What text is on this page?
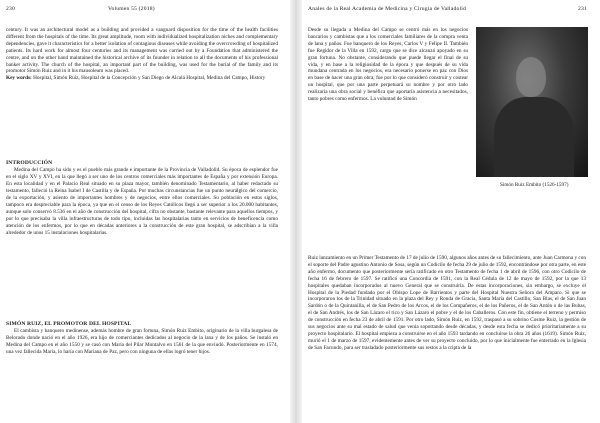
230	Volumen 55 (2018)

century. It was an architectural model as a building and provided a vanguard disposition for the time of the health facilities different from the hospitals of the time. Its great amplitude, room with individualized hospitalization niches and complementary dependencies, gave it characteristics for a better isolation of contagious diseases while avoiding the overcrowding of hospitalized patients. Its hard work for almost four centuries and its management was carried out by a Foundation that administered the centre, and on the other hand maintained the historical archive of its founder in relation to all the documents of his professional banker activity. The church of the hospital, an important part of the building, was used for the burial of the family and its promotor Simón Ruiz and in it his mausoleum was placed.

Key words: Hospital, Simón Ruiz, Hospital de la Concepción y San Diego de Alcalá Hospital, Medina del Campo, History

INTRODUCCIÓN

Medina del Campo ha sido y es el pueblo más grande e importante de la Provincia de Valladolid. Su época de esplendor fue en el siglo XV y XVI, en la que llegó a ser uno de los centros comerciales más importantes de España y por extensión Europa. En esta localidad y en el Palacio Real situado en su plaza mayor, también denominado Testamentario, al haber redactado su testamento, falleció la Reina Isabel I de Castilla y de España. Por muchas circunstancias fue un punto neurálgico del comercio, de la exportación, y asiento de importantes hombres y de negocios, entre ellos comerciales. Su población en estos siglos, tampoco era despreciable para la época, ya que en el censo de los Reyes Católicos llegó a ser superior a los 20.000 habitantes, aunque solo conservó 8.536 en el año de construcción del hospital, cifra no obstante, bastante relevante para aquellos tiempos, y por lo que precisaba la villa infraestructuras de todo tipo, incluidas las hospitalarias tanto en servicios de beneficencia como atención de los enfermos, por lo que en décadas anteriores a la construcción de este gran hospital, se adscribían a la villa alrededor de unos 15 instalaciones hospitalarias.

SIMÓN RUIZ, EL PROMOTOR DEL HOSPITAL

El cambista y banquero medinense, además hombre de gran fortuna, Simón Ruiz Embito, originario de la villa burgalesa de Belorado donde nació en el año 1926, era hijo de comerciantes dedicados al negocio de la lana y de los paños. Se instaló en Medina del Campo en el año 1550 y se casó con María del Pilar Montalvo en 1561 de la que enviudó. Posteriormente en 1574, una vez fallecida María, lo haría con Mariana de Paz, pero con ninguna de ellas logró tener hijos.

Anales de la Real Academia de Medicina y Cirugía de Valladolid	231

Desde su llegada a Medina del Campo se centró más en los negocios bancarios y cambistas que a los comerciales familiares de la compra venta de lana y paños. Fue banquero de los Reyes, Carlos V y Felipe II. También fue Regidor de la Villa en 1592, cargo que se dice alcanzó apoyado en su gran fortuna. No obstante, considerando que puede llegar el final de su vida, y en base a la religiosidad de la época y que después de su vida mundana centrada en los negocios, era necesario ponerse en paz con Dios en base de hacer una gran obra; fue por lo que consideró construir y costear un hospital, que por una parte perpetuará su nombre y por otro lado realizaría una obra social y benéfica que aportaría asistencia a necesitados, tanto pobres como enfermos. La voluntad de Simón

Simón Ruiz Embito (1526-1597)

Ruiz lanzamiento en un Primer Testamento de 17 de julio de 1590, algunos años antes de su fallecimiento, ante Juan Carmona y con el soporte del Padre agustino Antonio de Sosa, según un Codicilo de fecha 29 de julio de 1592, encontrándose por otra parte, en este año enfermo, documento que posteriormente sería ratificado en otro Testamento de fecha 1 de abril de 1596, con otro Codicilo de fecha 16 de febrero de 1597. Se ratificó una Concordia de 1591, con la Real Cédula de 12 de mayo de 1592, por la que 13 hospitales quedaban incorporados al nuevo General que se construiría. De estas incorporaciones, sin embargo, se excluye el Hospital de la Piedad fundado por el Obispo Lope de Barrientos y parte del Hospital Nuestra Señora del Amparo. Si que se incorporaron los de la Trinidad situado en la plaza del Rey y Ronda de Gracia, Santa María del Castillo, San Blas, el de San Juan Sardón o de la Quintanilla, el de San Pedro de los Arcos, el de los Compañeros, el de los Pañeros, el de San Antón o de las Bubas, el de San Andrés, los de San Lázaro el rico y San Lázaro el pobre y el de los Caballeros. Con este fin, obtiene el terreno y permiso de construcción en fecha 23 de abril de 1591. Por otro lado, Simón Ruiz, en 1592, traspasó a su sobrino Cosme Ruiz, la gestión de sus negocios ante su mal estado de salud que venía soportando desde décadas, y desde esta fecha se dedicó prioritariamente a su proyecto hospitalario. El hospital empieza a construirse en el año 1593 tardando en concluirse la obra 26 años (1619). Simón Ruiz, murió el 1 de marzo de 1597, evidentemente antes de ver su proyecto concluido, por lo que inicialmente fue enterrado en la Iglesia de San Facundo, para ser trasladado posteriormente sus restos a la cripta de la
